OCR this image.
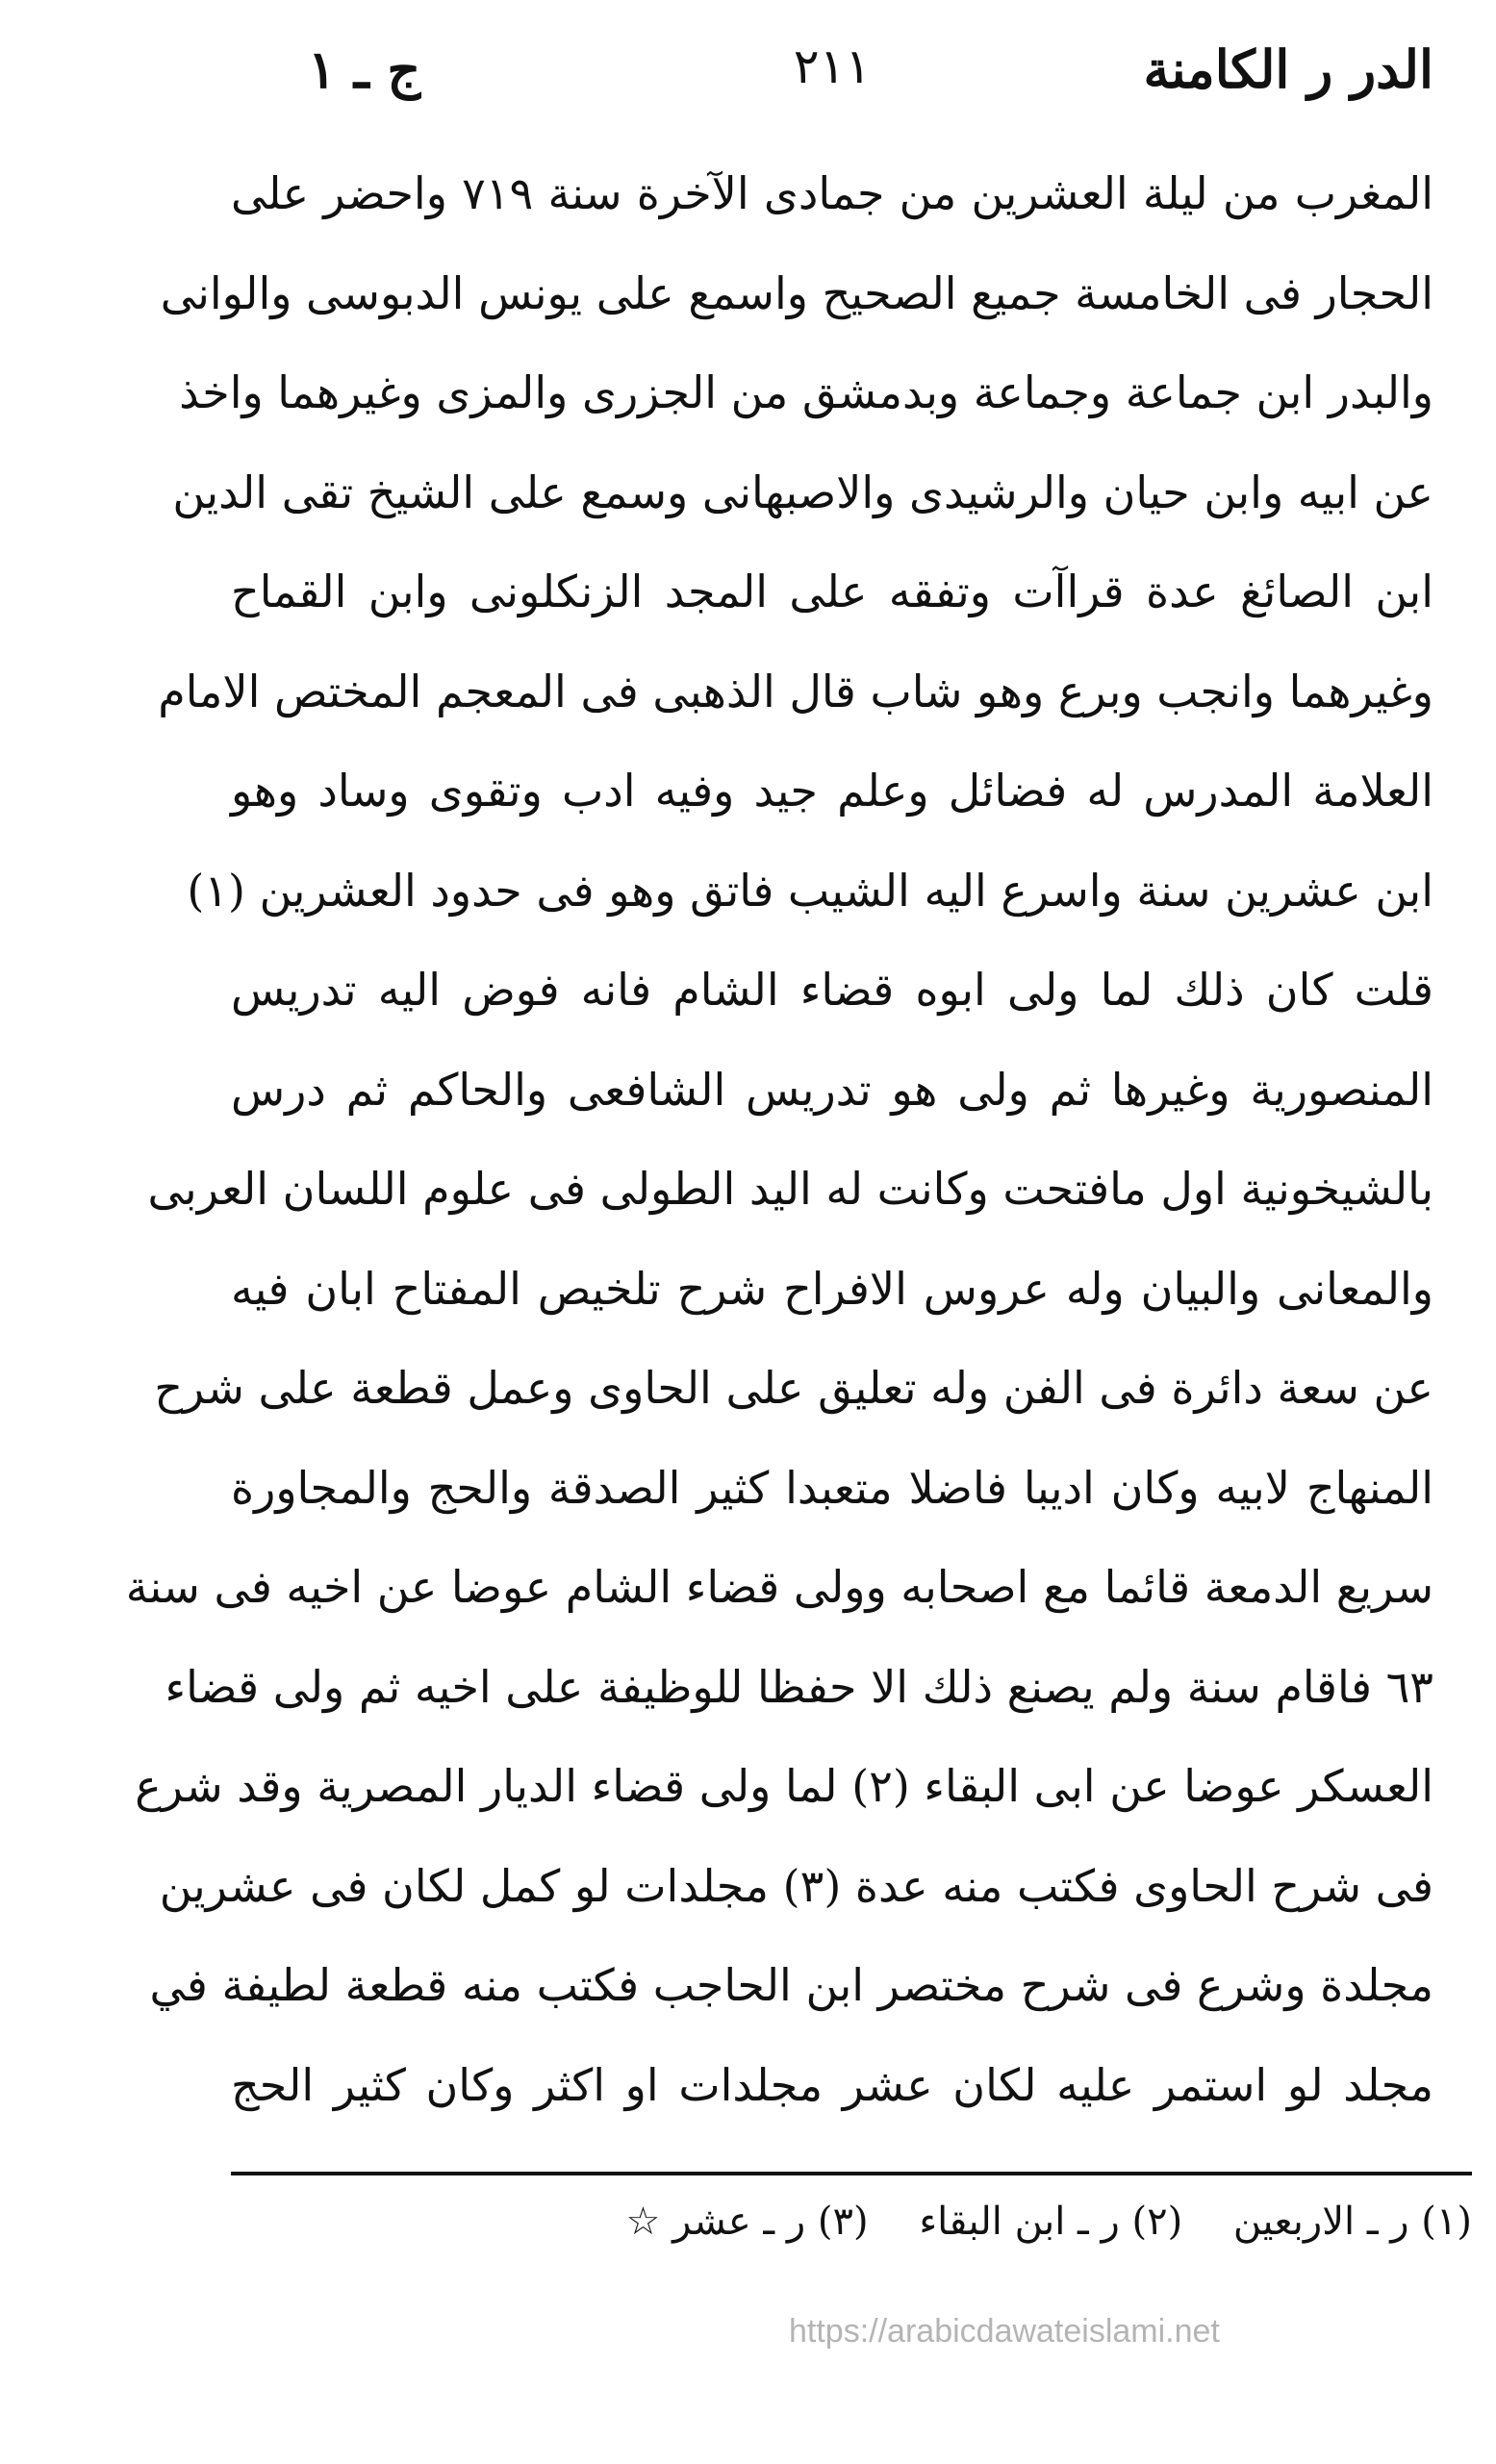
الدر ر الكامنة
٢١١
ج ـ ١
المغرب من ليلة العشرين من جمادى الآخرة سنة ٧١٩ واحضر على
الحجار فى الخامسة جميع الصحيح واسمع على يونس الدبوسى والوانى
والبدر ابن جماعة وجماعة وبدمشق من الجزرى والمزى وغيرهما واخذ
عن ابيه وابن حيان والرشيدى والاصبهانى وسمع على الشيخ تقى الدين
ابن الصائغ عدة قراآت وتفقه على المجد الزنكلونى وابن القماح
وغيرهما وانجب وبرع وهو شاب قال الذهبى فى المعجم المختص الامام
العلامة المدرس له فضائل وعلم جيد وفيه ادب وتقوى وساد وهو
ابن عشرين سنة واسرع اليه الشيب فاتق وهو فى حدود العشرين (١)
قلت كان ذلك لما ولى ابوه قضاء الشام فانه فوض اليه تدريس
المنصورية وغيرها ثم ولى هو تدريس الشافعى والحاكم ثم درس
بالشيخونية اول مافتحت وكانت له اليد الطولى فى علوم اللسان العربى
والمعانى والبيان وله عروس الافراح شرح تلخيص المفتاح ابان فيه
عن سعة دائرة فى الفن وله تعليق على الحاوى وعمل قطعة على شرح
المنهاج لابيه وكان اديبا فاضلا متعبدا كثير الصدقة والحج والمجاورة
سريع الدمعة قائما مع اصحابه وولى قضاء الشام عوضا عن اخيه فى سنة
٦٣ فاقام سنة ولم يصنع ذلك الا حفظا للوظيفة على اخيه ثم ولى قضاء
العسكر عوضا عن ابى البقاء (٢) لما ولى قضاء الديار المصرية وقد شرع
فى شرح الحاوى فكتب منه عدة (٣) مجلدات لو كمل لكان فى عشرين
مجلدة وشرع فى شرح مختصر ابن الحاجب فكتب منه قطعة لطيفة في
مجلد لو استمر عليه لكان عشر مجلدات او اكثر وكان كثير الحج
(١) ر ـ الاربعين (٢) ر ـ ابن البقاء (٣) ر ـ عشر ☆
https://arabicdawateislami.net
